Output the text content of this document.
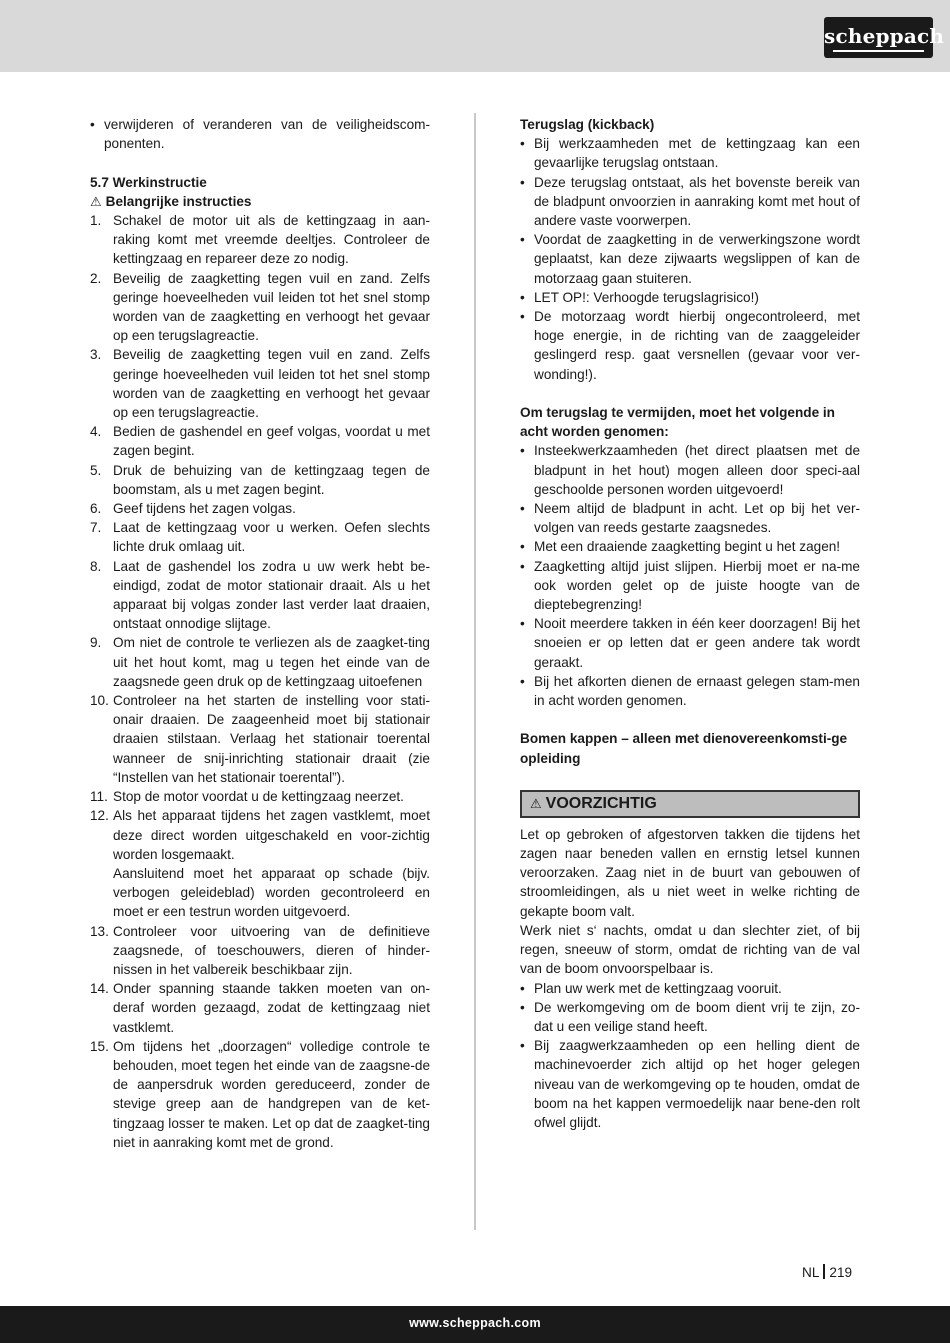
scheppach
• verwijderen of veranderen van de veiligheidscom-ponenten.
5.7 Werkinstructie
⚠ Belangrijke instructies
1. Schakel de motor uit als de kettingzaag in aan-raking komt met vreemde deeltjes. Controleer de kettingzaag en repareer deze zo nodig.
2. Beveilig de zaagketting tegen vuil en zand. Zelfs geringe hoeveelheden vuil leiden tot het snel stomp worden van de zaagketting en verhoogt het gevaar op een terugslagreactie.
3. Beveilig de zaagketting tegen vuil en zand. Zelfs geringe hoeveelheden vuil leiden tot het snel stomp worden van de zaagketting en verhoogt het gevaar op een terugslagreactie.
4. Bedien de gashendel en geef volgas, voordat u met zagen begint.
5. Druk de behuizing van de kettingzaag tegen de boomstam, als u met zagen begint.
6. Geef tijdens het zagen volgas.
7. Laat de kettingzaag voor u werken. Oefen slechts lichte druk omlaag uit.
8. Laat de gashendel los zodra u uw werk hebt be-eindigd, zodat de motor stationair draait. Als u het apparaat bij volgas zonder last verder laat draaien, ontstaat onnodige slijtage.
9. Om niet de controle te verliezen als de zaagket-ting uit het hout komt, mag u tegen het einde van de zaagsnede geen druk op de kettingzaag uitoefenen
10. Controleer na het starten de instelling voor stati-onair draaien. De zaageenheid moet bij stationair draaien stilstaan. Verlaag het stationair toerental wanneer de snij-inrichting stationair draait (zie “Instellen van het stationair toerental”).
11. Stop de motor voordat u de kettingzaag neerzet.
12. Als het apparaat tijdens het zagen vastklemt, moet deze direct worden uitgeschakeld en voor-zichtig worden losgemaakt.
Aansluitend moet het apparaat op schade (bijv. verbogen geleideblad) worden gecontroleerd en moet er een testrun worden uitgevoerd.
13. Controleer voor uitvoering van de definitieve zaagsnede, of toeschouwers, dieren of hinder-nissen in het valbereik beschikbaar zijn.
14. Onder spanning staande takken moeten van on-deraf worden gezaagd, zodat de kettingzaag niet vastklemt.
15. Om tijdens het „doorzagen“ volledige controle te behouden, moet tegen het einde van de zaagsne-de de aanpersdruk worden gereduceerd, zonder de stevige greep aan de handgrepen van de ket-tingzaag losser te maken. Let op dat de zaagket-ting niet in aanraking komt met de grond.
Terugslag (kickback)
• Bij werkzaamheden met de kettingzaag kan een gevaarlijke terugslag ontstaan.
• Deze terugslag ontstaat, als het bovenste bereik van de bladpunt onvoorzien in aanraking komt met hout of andere vaste voorwerpen.
• Voordat de zaagketting in de verwerkingszone wordt geplaatst, kan deze zijwaarts wegslippen of kan de motorzaag gaan stuiteren.
• LET OP!: Verhoogde terugslagrisico!)
• De motorzaag wordt hierbij ongecontroleerd, met hoge energie, in de richting van de zaaggeleider geslingerd resp. gaat versnellen (gevaar voor ver-wonding!).
Om terugslag te vermijden, moet het volgende in acht worden genomen:
• Insteekwerkzaamheden (het direct plaatsen met de bladpunt in het hout) mogen alleen door speci-aal geschoolde personen worden uitgevoerd!
• Neem altijd de bladpunt in acht. Let op bij het ver-volgen van reeds gestarte zaagsnedes.
• Met een draaiende zaagketting begint u het zagen!
• Zaagketting altijd juist slijpen. Hierbij moet er na-me ook worden gelet op de juiste hoogte van de dieptebegrenzing!
• Nooit meerdere takken in één keer doorzagen! Bij het snoeien er op letten dat er geen andere tak wordt geraakt.
• Bij het afkorten dienen de ernaast gelegen stam-men in acht worden genomen.
Bomen kappen – alleen met dienovereenkomsti-ge opleiding
⚠ VOORZICHTIG
Let op gebroken of afgestorven takken die tijdens het zagen naar beneden vallen en ernstig letsel kunnen veroorzaken. Zaag niet in de buurt van gebouwen of stroomleidingen, als u niet weet in welke richting de gekapte boom valt.
Werk niet s‘ nachts, omdat u dan slechter ziet, of bij regen, sneeuw of storm, omdat de richting van de val van de boom onvoorspelbaar is.
• Plan uw werk met de kettingzaag vooruit.
• De werkomgeving om de boom dient vrij te zijn, zo-dat u een veilige stand heeft.
• Bij zaagwerkzaamheden op een helling dient de machinevoerder zich altijd op het hoger gelegen niveau van de werkomgeving op te houden, omdat de boom na het kappen vermoedelijk naar bene-den rolt ofwel glijdt.
NL 219
www.scheppach.com
